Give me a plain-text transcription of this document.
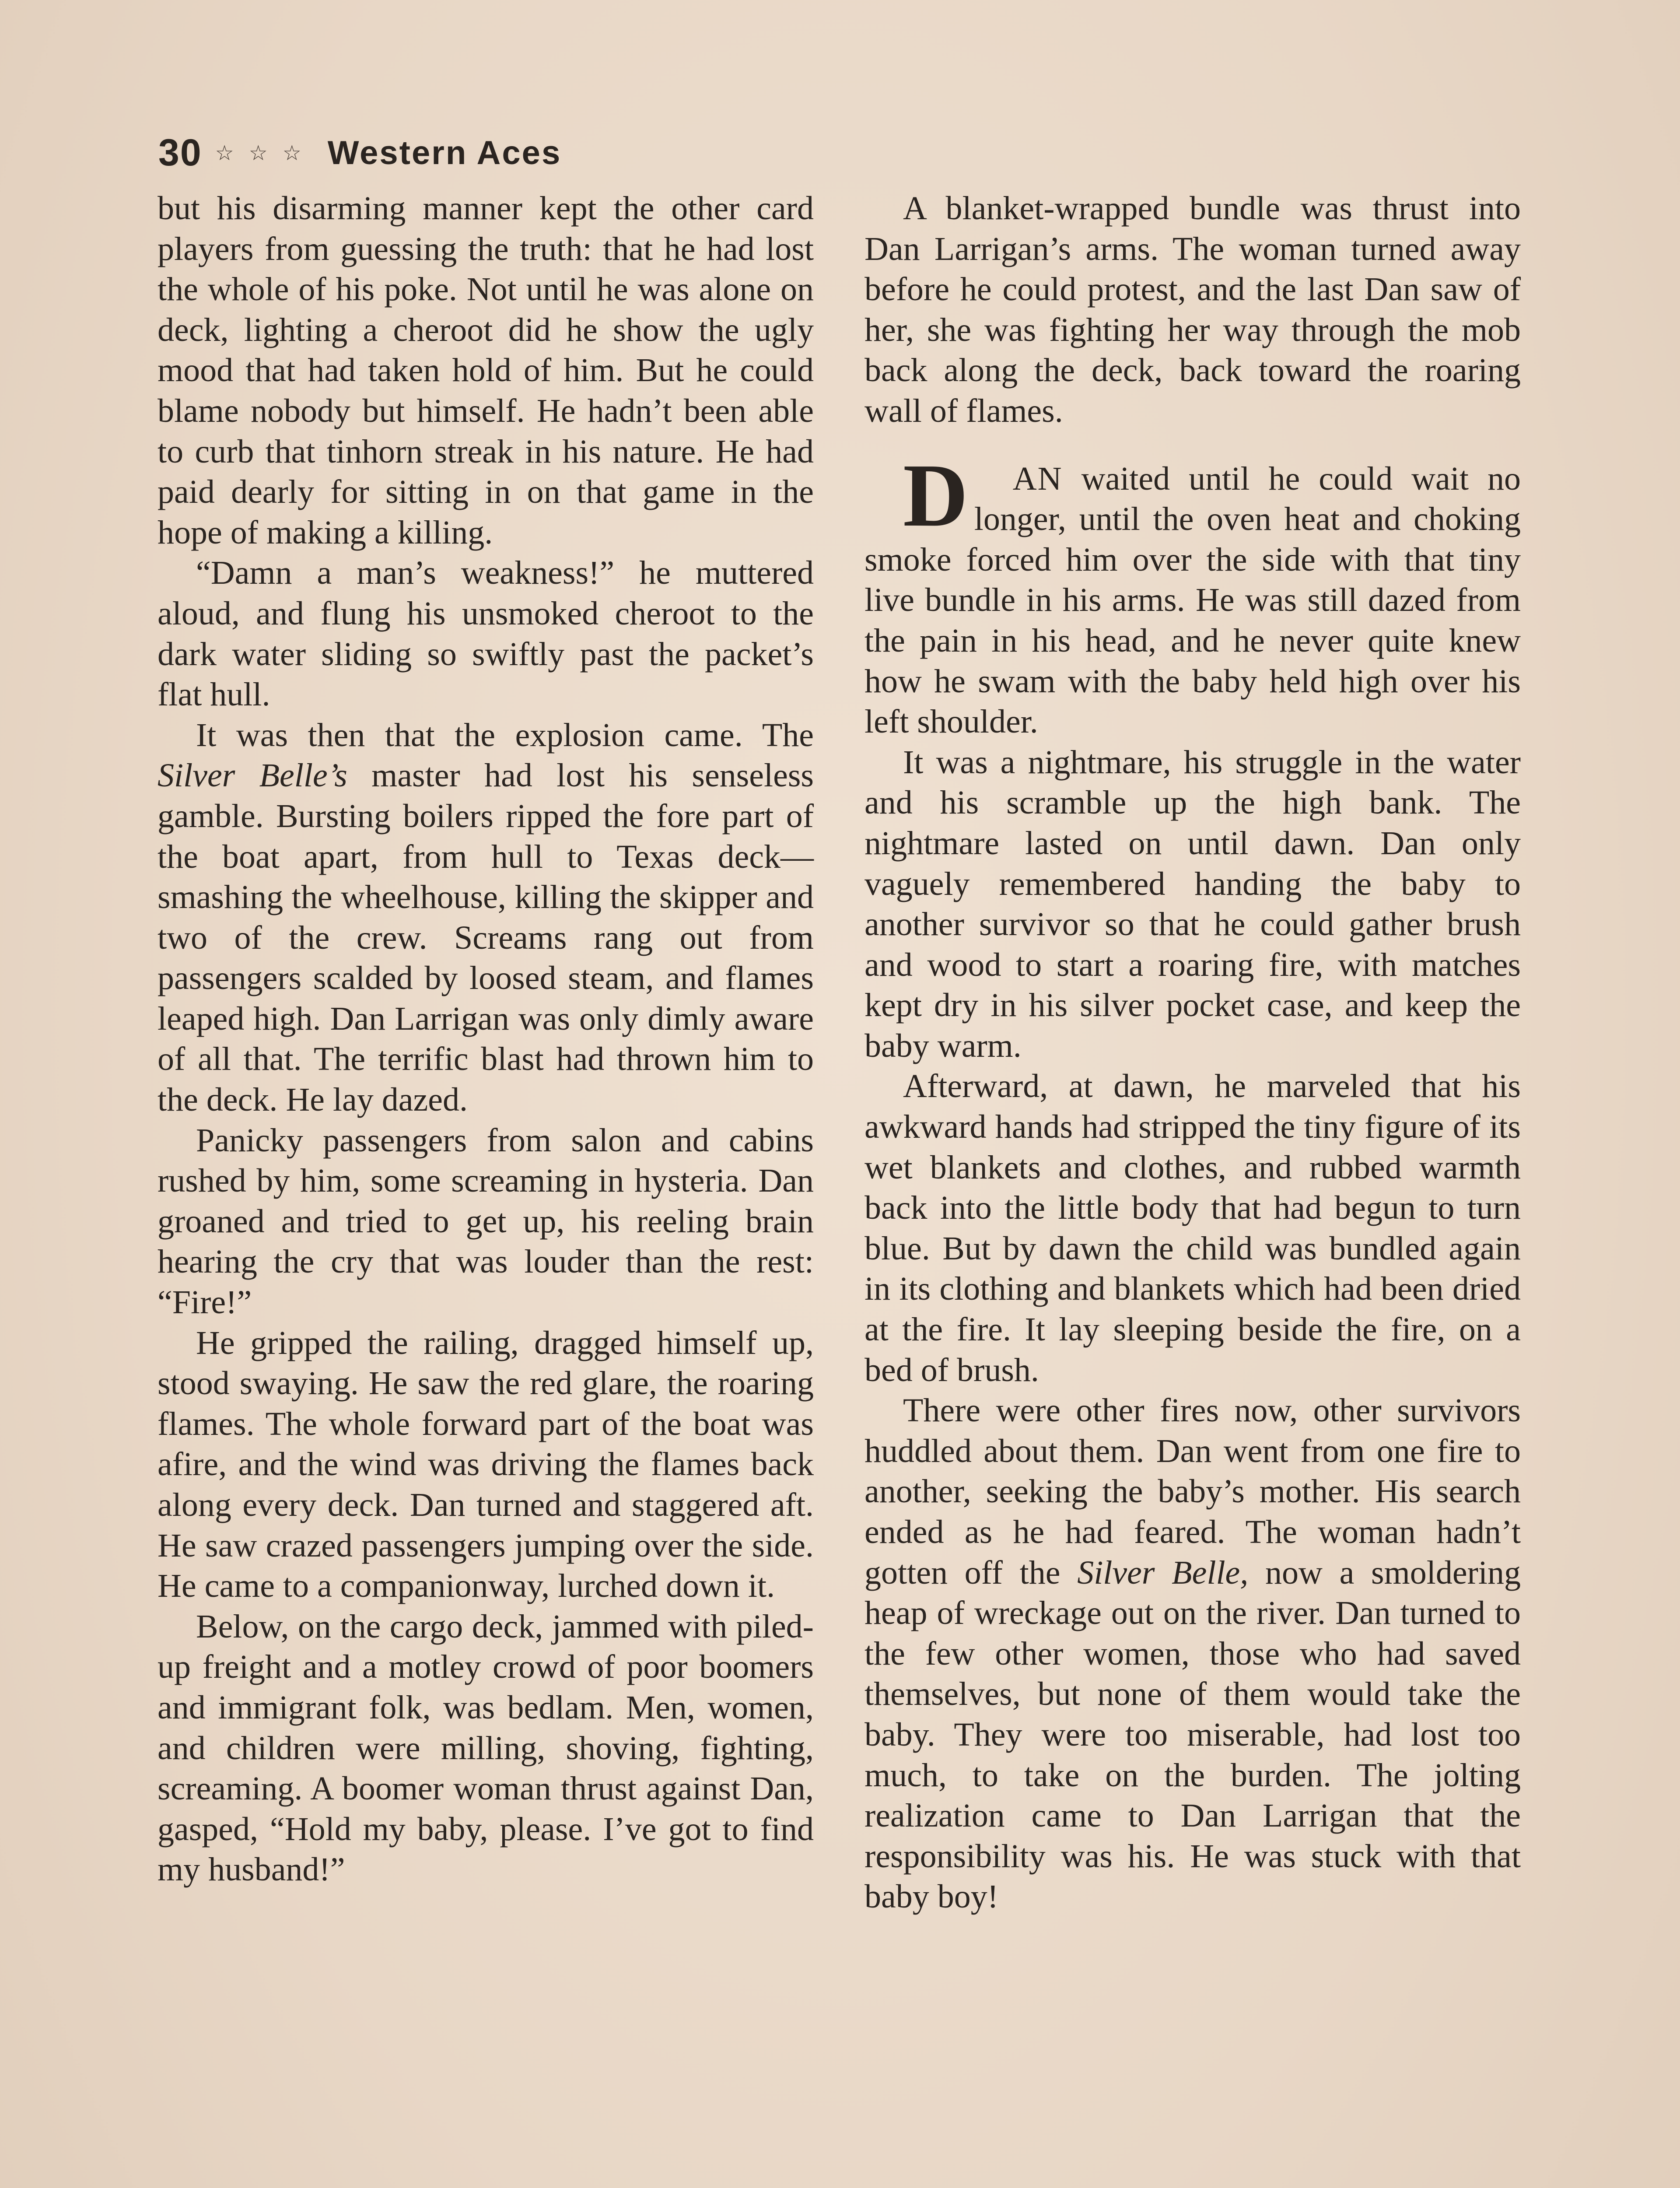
30 ☆ ☆ ☆ Western Aces

but his disarming manner kept the other card players from guessing the truth: that he had lost the whole of his poke. Not until he was alone on deck, lighting a cheroot did he show the ugly mood that had taken hold of him. But he could blame nobody but himself. He hadn’t been able to curb that tinhorn streak in his nature. He had paid dearly for sitting in on that game in the hope of making a killing.

“Damn a man’s weakness!” he muttered aloud, and flung his unsmoked cheroot to the dark water sliding so swiftly past the packet’s flat hull.

It was then that the explosion came. The Silver Belle’s master had lost his senseless gamble. Bursting boilers ripped the fore part of the boat apart, from hull to Texas deck—smashing the wheelhouse, killing the skipper and two of the crew. Screams rang out from passengers scalded by loosed steam, and flames leaped high. Dan Larrigan was only dimly aware of all that. The terrific blast had thrown him to the deck. He lay dazed.

Panicky passengers from salon and cabins rushed by him, some screaming in hysteria. Dan groaned and tried to get up, his reeling brain hearing the cry that was louder than the rest: “Fire!”

He gripped the railing, dragged himself up, stood swaying. He saw the red glare, the roaring flames. The whole forward part of the boat was afire, and the wind was driving the flames back along every deck. Dan turned and staggered aft. He saw crazed passengers jumping over the side. He came to a companionway, lurched down it.

Below, on the cargo deck, jammed with piled-up freight and a motley crowd of poor boomers and immigrant folk, was bedlam. Men, women, and children were milling, shoving, fighting, screaming. A boomer woman thrust against Dan, gasped, “Hold my baby, please. I’ve got to find my husband!”

A blanket-wrapped bundle was thrust into Dan Larrigan’s arms. The woman turned away before he could protest, and the last Dan saw of her, she was fighting her way through the mob back along the deck, back toward the roaring wall of flames.

D AN waited until he could wait no longer, until the oven heat and choking smoke forced him over the side with that tiny live bundle in his arms. He was still dazed from the pain in his head, and he never quite knew how he swam with the baby held high over his left shoulder.

It was a nightmare, his struggle in the water and his scramble up the high bank. The nightmare lasted on until dawn. Dan only vaguely remembered handing the baby to another survivor so that he could gather brush and wood to start a roaring fire, with matches kept dry in his silver pocket case, and keep the baby warm.

Afterward, at dawn, he marveled that his awkward hands had stripped the tiny figure of its wet blankets and clothes, and rubbed warmth back into the little body that had begun to turn blue. But by dawn the child was bundled again in its clothing and blankets which had been dried at the fire. It lay sleeping beside the fire, on a bed of brush.

There were other fires now, other survivors huddled about them. Dan went from one fire to another, seeking the baby’s mother. His search ended as he had feared. The woman hadn’t gotten off the Silver Belle, now a smoldering heap of wreckage out on the river. Dan turned to the few other women, those who had saved themselves, but none of them would take the baby. They were too miserable, had lost too much, to take on the burden. The jolting realization came to Dan Larrigan that the responsibility was his. He was stuck with that baby boy!
